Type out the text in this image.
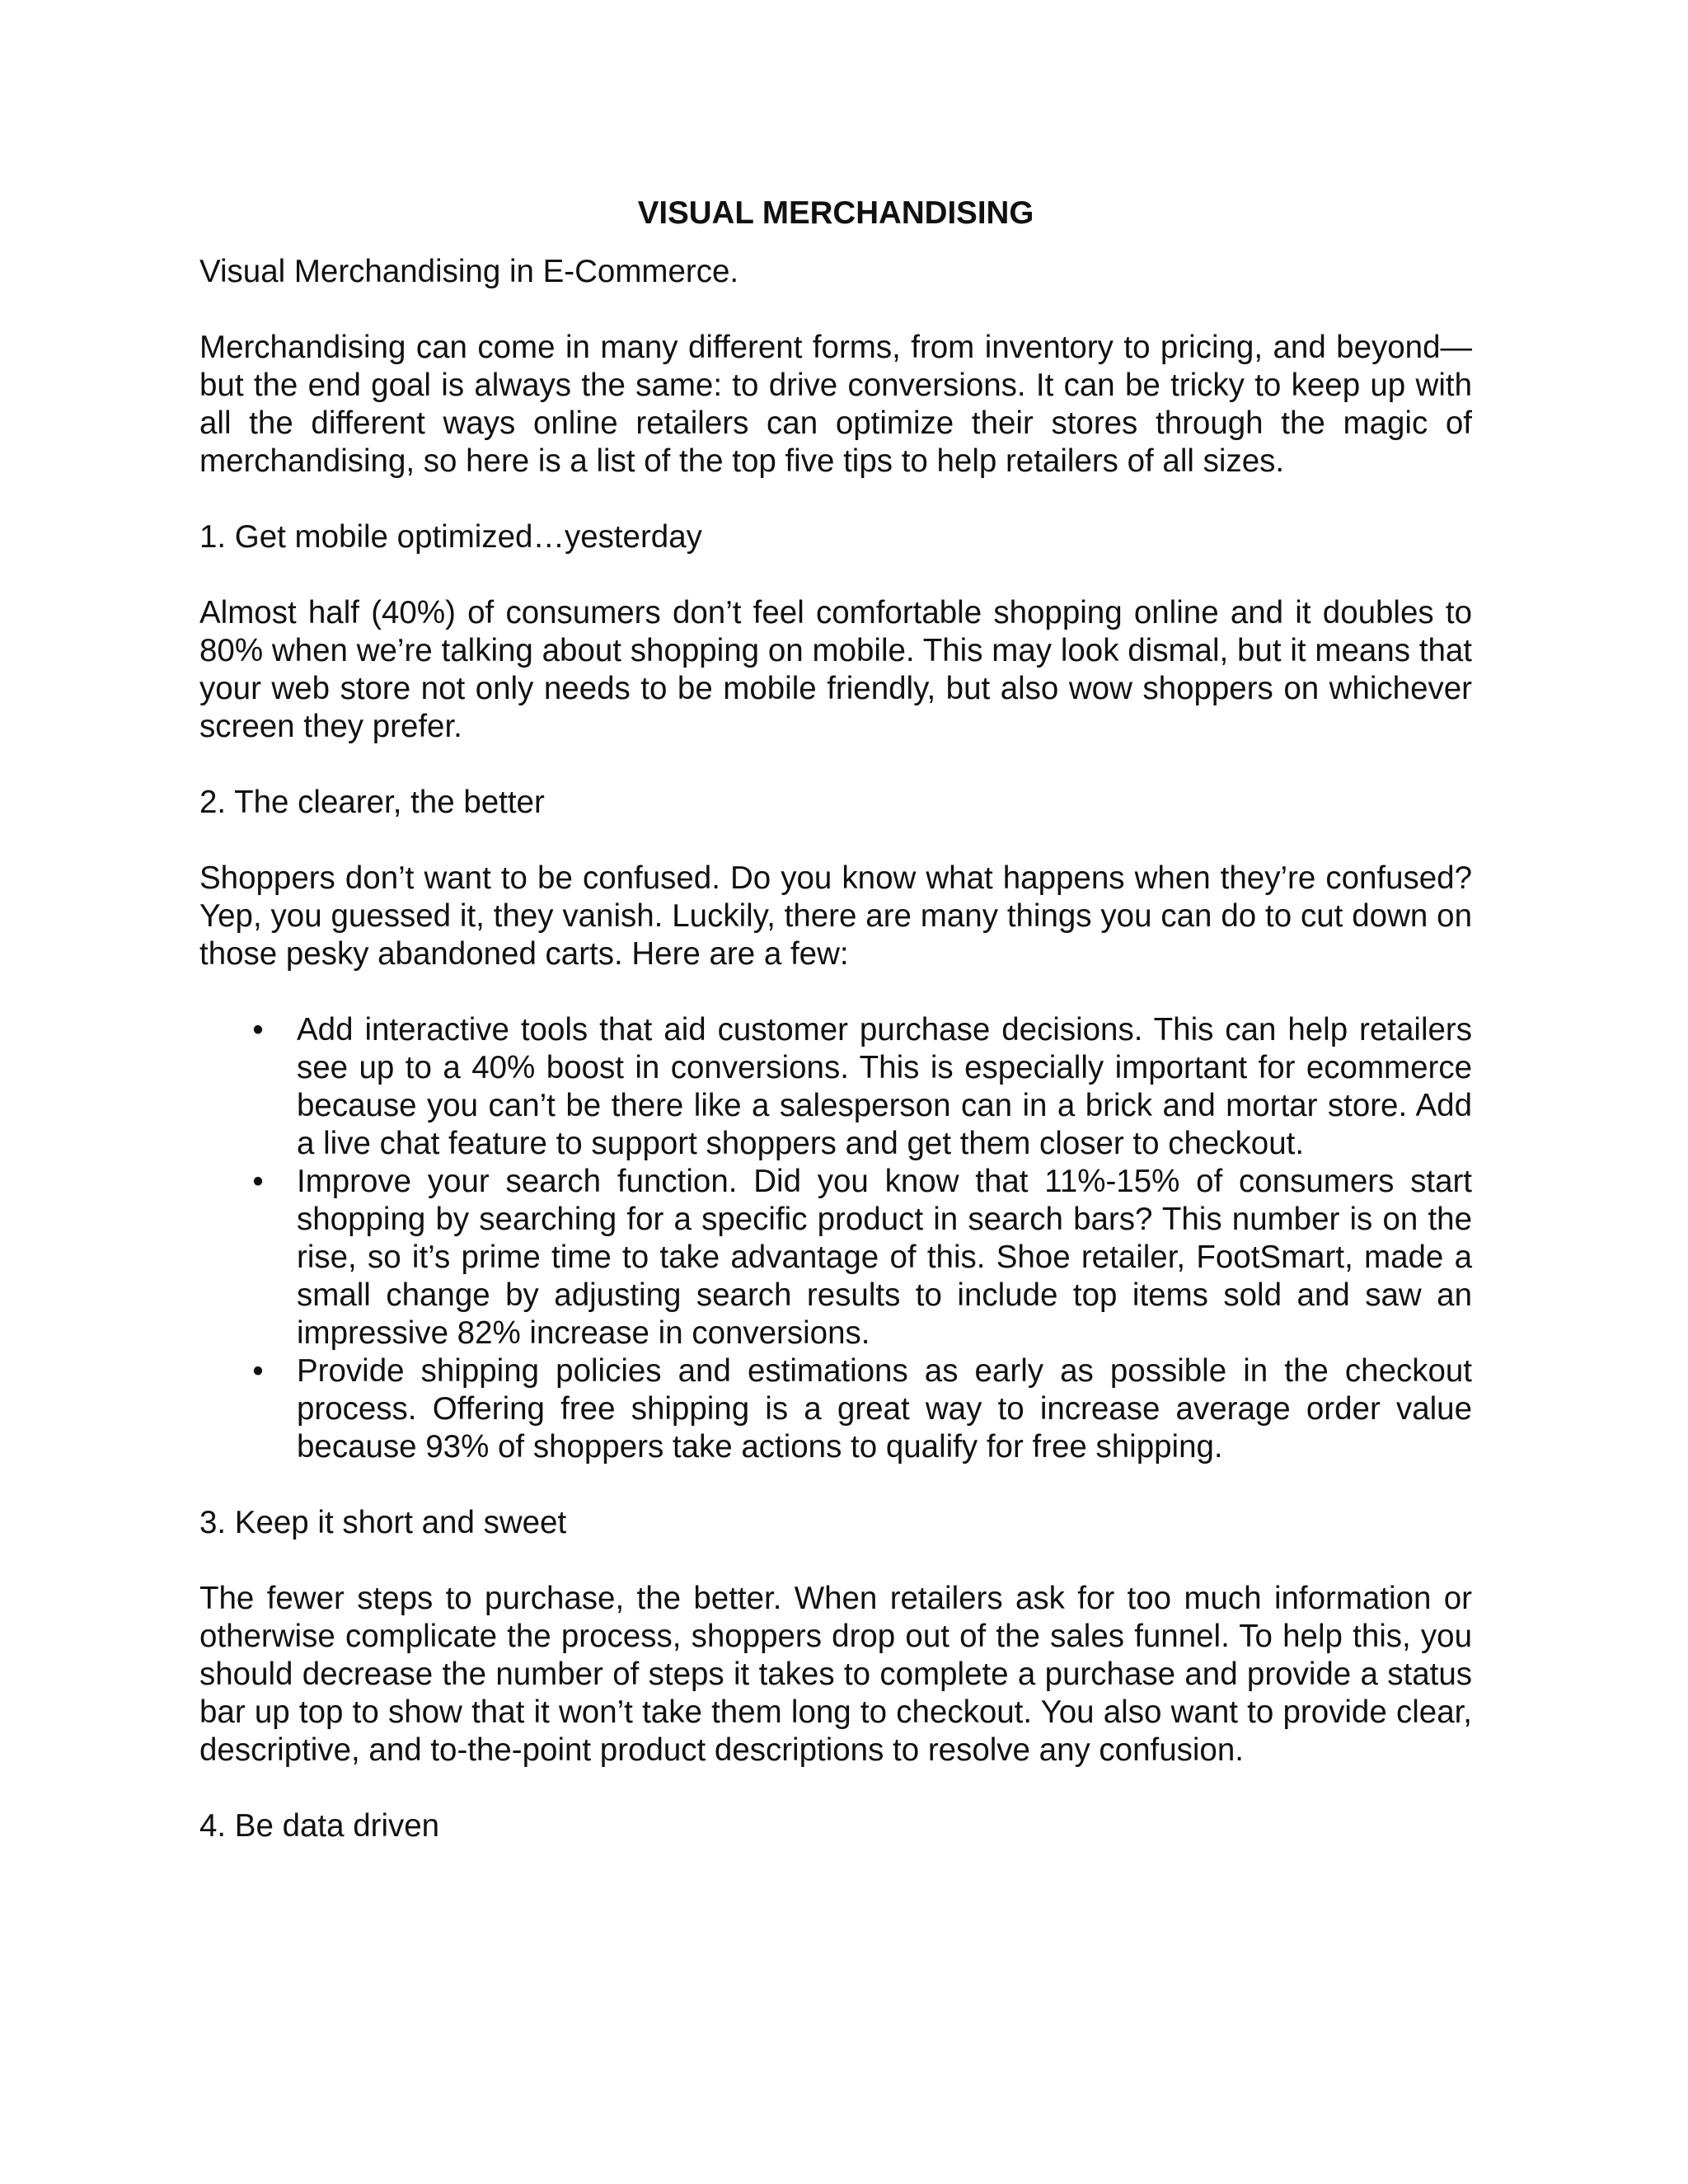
VISUAL MERCHANDISING

Visual Merchandising in E-Commerce.

Merchandising can come in many different forms, from inventory to pricing, and beyond—but the end goal is always the same: to drive conversions. It can be tricky to keep up with all the different ways online retailers can optimize their stores through the magic of merchandising, so here is a list of the top five tips to help retailers of all sizes.

1. Get mobile optimized…yesterday

Almost half (40%) of consumers don’t feel comfortable shopping online and it doubles to 80% when we’re talking about shopping on mobile. This may look dismal, but it means that your web store not only needs to be mobile friendly, but also wow shoppers on whichever screen they prefer.

2. The clearer, the better

Shoppers don’t want to be confused. Do you know what happens when they’re confused? Yep, you guessed it, they vanish. Luckily, there are many things you can do to cut down on those pesky abandoned carts. Here are a few:

• Add interactive tools that aid customer purchase decisions. This can help retailers see up to a 40% boost in conversions. This is especially important for ecommerce because you can’t be there like a salesperson can in a brick and mortar store. Add a live chat feature to support shoppers and get them closer to checkout.
• Improve your search function. Did you know that 11%-15% of consumers start shopping by searching for a specific product in search bars? This number is on the rise, so it’s prime time to take advantage of this. Shoe retailer, FootSmart, made a small change by adjusting search results to include top items sold and saw an impressive 82% increase in conversions.
• Provide shipping policies and estimations as early as possible in the checkout process. Offering free shipping is a great way to increase average order value because 93% of shoppers take actions to qualify for free shipping.

3. Keep it short and sweet

The fewer steps to purchase, the better. When retailers ask for too much information or otherwise complicate the process, shoppers drop out of the sales funnel. To help this, you should decrease the number of steps it takes to complete a purchase and provide a status bar up top to show that it won’t take them long to checkout. You also want to provide clear, descriptive, and to-the-point product descriptions to resolve any confusion.

4. Be data driven
